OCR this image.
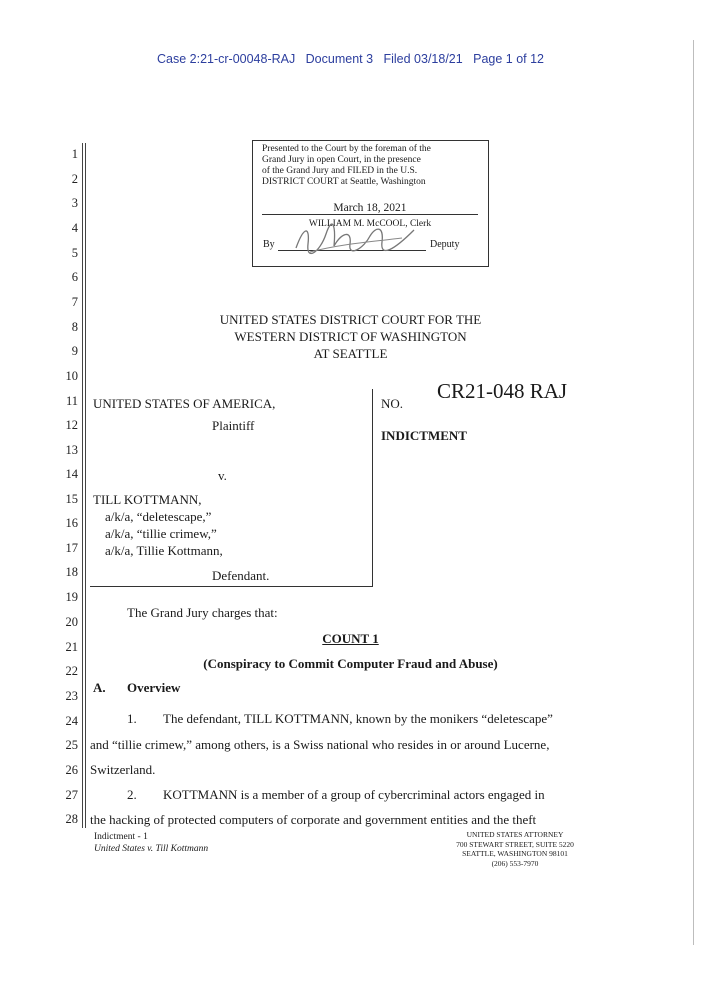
Case 2:21-cr-00048-RAJ   Document 3   Filed 03/18/21   Page 1 of 12
1
2
3
4
5
6
7
8
9
10
11
12
13
14
15
16
17
18
19
20
21
22
23
24
25
26
27
28
Presented to the Court by the foreman of the
Grand Jury in open Court, in the presence
of the Grand Jury and FILED in the U.S.
DISTRICT COURT at Seattle, Washington
March 18, 2021
WILLIAM M. McCOOL, Clerk
By	Deputy
UNITED STATES DISTRICT COURT FOR THE
WESTERN DISTRICT OF WASHINGTON
AT SEATTLE
UNITED STATES OF AMERICA,
Plaintiff
v.
TILL KOTTMANN,
a/k/a, “deletescape,”
a/k/a, “tillie crimew,”
a/k/a, Tillie Kottmann,
Defendant.
NO.
CR21-048 RAJ
INDICTMENT
The Grand Jury charges that:
COUNT 1
(Conspiracy to Commit Computer Fraud and Abuse)
A. Overview
1. The defendant, TILL KOTTMANN, known by the monikers “deletescape”
and “tillie crimew,” among others, is a Swiss national who resides in or around Lucerne,
Switzerland.
2. KOTTMANN is a member of a group of cybercriminal actors engaged in
the hacking of protected computers of corporate and government entities and the theft
Indictment - 1
United States v. Till Kottmann
UNITED STATES ATTORNEY
700 STEWART STREET, SUITE 5220
SEATTLE, WASHINGTON 98101
(206) 553-7970
